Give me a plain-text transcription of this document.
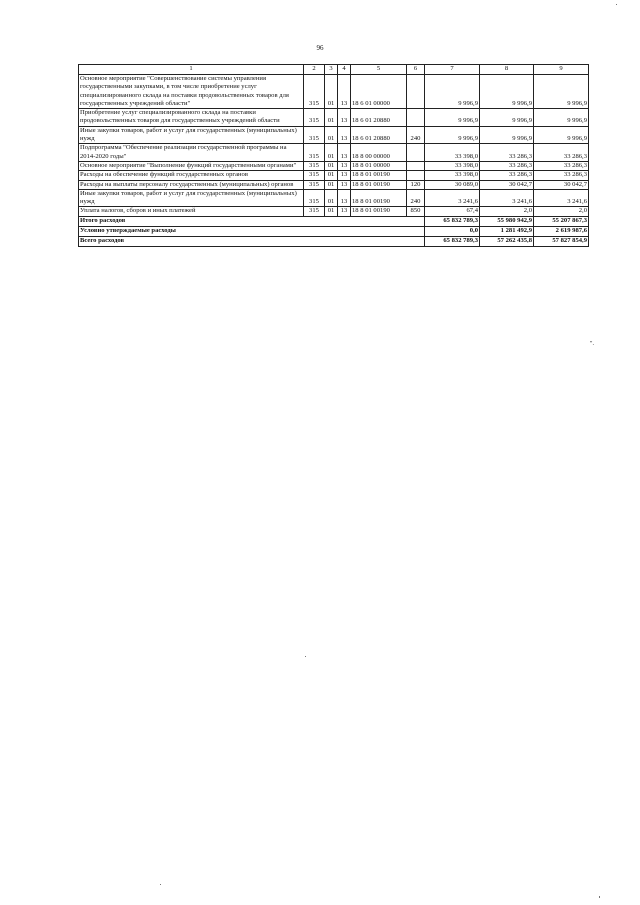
96
1	2	3	4	5	6	7	8	9
Основное мероприятие "Совершенствование системы управления государственными закупками, в том числе приобретение услуг специализированного склада на поставки продовольственных товаров для государственных учреждений области"	315	01	13	18 6 01 00000		9 996,9	9 996,9	9 996,9
Приобретение услуг специализированного склада на поставки продовольственных товаров для государственных учреждений области	315	01	13	18 6 01 20880		9 996,9	9 996,9	9 996,9
Иные закупки товаров, работ и услуг для государственных (муниципальных) нужд	315	01	13	18 6 01 20880	240	9 996,9	9 996,9	9 996,9
Подпрограмма "Обеспечение реализации государственной программы на 2014-2020 годы"	315	01	13	18 8 00 00000		33 398,0	33 286,3	33 286,3
Основное мероприятие "Выполнение функций государственными органами"	315	01	13	18 8 01 00000		33 398,0	33 286,3	33 286,3
Расходы на обеспечение функций государственных органов	315	01	13	18 8 01 00190		33 398,0	33 286,3	33 286,3
Расходы на выплаты персоналу государственных (муниципальных) органов	315	01	13	18 8 01 00190	120	30 089,0	30 042,7	30 042,7
Иные закупки товаров, работ и услуг для государственных (муниципальных) нужд	315	01	13	18 8 01 00190	240	3 241,6	3 241,6	3 241,6
Уплата налогов, сборов и иных платежей	315	01	13	18 8 01 00190	850	67,4	2,0	2,0
Итого расходов						65 832 789,3	55 980 942,9	55 207 867,3
Условно утверждаемые расходы						0,0	1 281 492,9	2 619 987,6
Всего расходов						65 832 789,3	57 262 435,8	57 827 854,9
".
